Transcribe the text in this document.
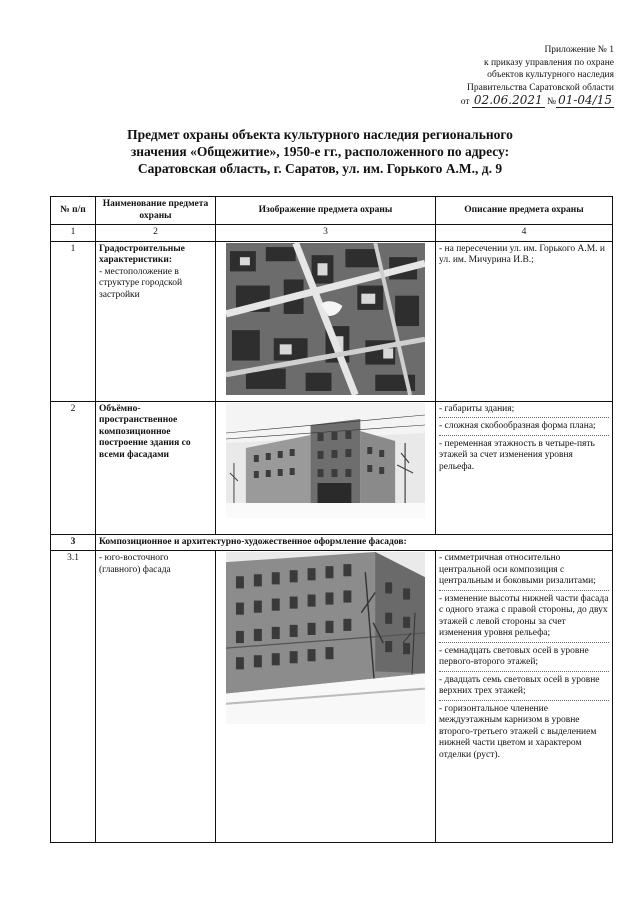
Приложение № 1
к приказу управления по охране
объектов культурного наследия
Правительства Саратовской области
от 02.06.2021 № 01-04/15
Предмет охраны объекта культурного наследия регионального
значения «Общежитие», 1950-е гг., расположенного по адресу:
Саратовская область, г. Саратов, ул. им. Горького А.М., д. 9
№ п/п	Наименование предмета охраны	Изображение предмета охраны	Описание предмета охраны
1	2	3	4
1	Градостроительные характеристики:
- местоположение в структуре городской застройки		- на пересечении ул. им. Горького А.М. и ул. им. Мичурина И.В.;

2	Объёмно-пространственное композиционное построение здания со всеми фасадами		- габариты здания;
- сложная скобообразная форма плана;
- переменная этажность в четыре-пять этажей за счет изменения уровня рельефа.

3	Композиционное и архитектурно-художественное оформление фасадов:		
3.1	- юго-восточного (главного) фасада		- симметричная относительно центральной оси композиция с центральным и боковыми ризалитами;
- изменение высоты нижней части фасада с одного этажа с правой стороны, до двух этажей с левой стороны за счет изменения уровня рельефа;
- семнадцать световых осей в уровне первого-второго этажей;
- двадцать семь световых осей в уровне верхних трех этажей;
- горизонтальное членение междуэтажным карнизом в уровне второго-третьего этажей с выделением нижней части цветом и характером отделки (руст).
